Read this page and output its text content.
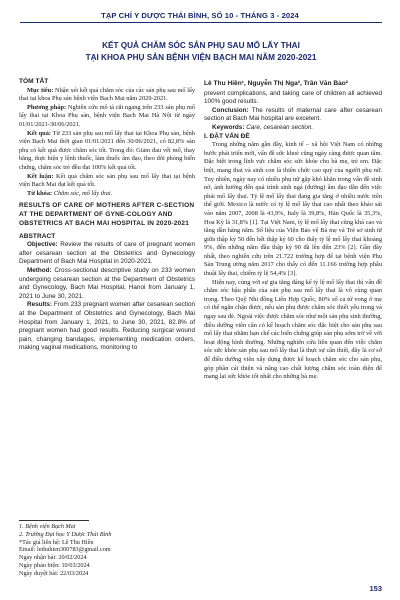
TẠP CHÍ Y DƯỢC THÁI BÌNH, SỐ 10 - THÁNG 3 - 2024
KẾT QUẢ CHĂM SÓC SẢN PHỤ SAU MỔ LẤY THAI
TẠI KHOA PHỤ SẢN BỆNH VIỆN BẠCH MAI NĂM 2020-2021

TÓM TẮT

Mục tiêu: Nhận xét kết quả chăm sóc của các sản phụ sau mổ lấy thai tại khoa Phụ sản bệnh viện Bạch Mai năm 2020-2021.

Phương pháp: Nghiên cứu mô tả cắt ngang trên 233 sản phụ mổ lấy thai tại Khoa Phụ sản, bệnh viện Bạch Mai Hà Nội từ ngày 01/01/2021-30/06/2021.

Kết quả: Từ 233 sản phụ sau mổ lấy thai tại Khoa Phụ sản, bệnh viện Bạch Mai thời gian 01/01/2021 đến 30/06/2021, có 82,8% sản phụ có kết quả được chăm sóc tốt. Trong đó: Giảm đau vết mổ, thay băng, thực hiện y lệnh thuốc, làm thuốc âm đạo, theo dõi phòng biến chứng, chăm sóc trẻ đều đạt 100% kết quả tốt.

Kết luận: Kết quả chăm sóc sản phụ sau mổ lấy thai tại bệnh viện Bạch Mai đạt kết quả tốt.

Từ khóa: Chăm sóc, mổ lấy thai.

RESULTS OF CARE OF MOTHERS AFTER C-SECTION AT THE DEPARTMENT OF GYNE-COLOGY AND OBSTETRICS AT BACH MAI HOSPITAL IN 2020-2021

ABSTRACT

Objective: Review the results of care of pregnant women after cesarean section at the Obstetrics and Gynecology Department of Bach Mai Hospital in 2020-2021.

Method: Cross-sectional descriptive study on 233 women undergoing cesarean section at the Department of Obstetrics and Gynecology, Bach Mai Hospital, Hanoi from January 1, 2021 to June 30, 2021.

Results: From 233 pregnant women after cesarean section at the Department of Obstetrics and Gynecology, Bach Mai Hospital from January 1, 2021, to June 30, 2021, 82.8% of pregnant women had good results. Reducing surgical wound pain, changing bandages, implementing medication orders, making vaginal medications, monitoring to

1. Bệnh viện Bạch Mai
2. Trường Đại học Y Dược Thái Bình
*Tác giả liên hệ: Lê Thu Hiền
Email: lethuhien300783@gmail.com
Ngày nhận bài: 20/02/2024
Ngày phản biện: 10/03/2024
Ngày duyệt bài: 22/03/2024

Lê Thu Hiền¹, Nguyễn Thị Nga², Trần Văn Bảo²

prevent complications, and taking care of children all achieved 100% good results.

Conclusion: The results of maternal care after cesarean section at Bach Mai hospital are excelent.

Keywords: Care, cesarean section.

I. ĐẶT VẤN ĐỀ

Trong những năm gần đây, kinh tế – xã hội Việt Nam có những bước phát triển mới, vấn đề sức khoẻ cũng ngày càng được quan tâm. Đặc biệt trong lĩnh vực chăm sóc sức khỏe cho bà mẹ, trẻ em. Đặc biệt, mang thai và sinh con là thiên chức cao quý của người phụ nữ. Tuy nhiên, ngày nay có nhiều phụ nữ gặp khó khăn trong vấn đề sinh nở, ảnh hưởng đến quá trình sinh ngả (đường) âm đạo dẫn đến việc phải mổ lấy thai. Tỷ lệ mổ lấy thai đang gia tăng ở nhiều nước trên thế giới. Mexico là nước có tỷ lệ mổ lấy thai cao nhất theo khảo sát vào năm 2007, 2008 là 43,9%, Italy là 39,8%, Hàn Quốc là 35,3%, Hoa Kỳ là 31,8% [1]. Tại Việt Nam, tỷ lệ mổ lấy thai cũng khá cao và tăng dần hàng năm. Số liệu của Viện Bảo vệ Bà mẹ và Trẻ sơ sinh từ giữa thập kỷ 50 đến hết thập kỷ 60 cho thấy tỷ lệ mổ lấy thai khoảng 9%, đến những năm đầu thập kỷ 90 đã lên đến 23% [2]. Gần đây nhất, theo nghiên cứu trên 21.722 trường hợp để tại bệnh viện Phụ Sản Trung ương năm 2017 cho thấy có đến 11.166 trường hợp phẫu thuật lấy thai, chiếm tỷ lệ 54,4% [3].

Hiện nay, cùng với sự gia tăng đáng kể tỷ lệ mổ lấy thai thì vấn đề chăm sóc hậu phẫu của sản phụ sau mổ lấy thai là vô cùng quan trọng. Theo Quỹ Nhi đồng Liên Hợp Quốc, 80% số ca tử vong ở mẹ có thể ngăn chặn được, nếu sản phụ được chăm sóc thiết yếu trong và ngay sau đẻ. Ngoài việc được chăm sóc như một sản phụ sinh thường, điều dưỡng viên cần có kế hoạch chăm sóc đặc biệt cho sản phụ sau mổ lấy thai nhằm hạn chế các biến chứng giúp sản phụ sớm trở về với hoạt động bình thường. Những nghiên cứu liên quan đến việc chăm sóc sức khỏe sản phụ sau mổ lấy thai là thực sự cần thiết, đây là cơ sở để điều dưỡng viên xây dựng được kế hoạch chăm sóc cho sản phụ, góp phần cải thiện và nâng cao chất lượng chăm sóc toàn diện để mang lại sức khỏe tốt nhất cho những bà mẹ.

153
